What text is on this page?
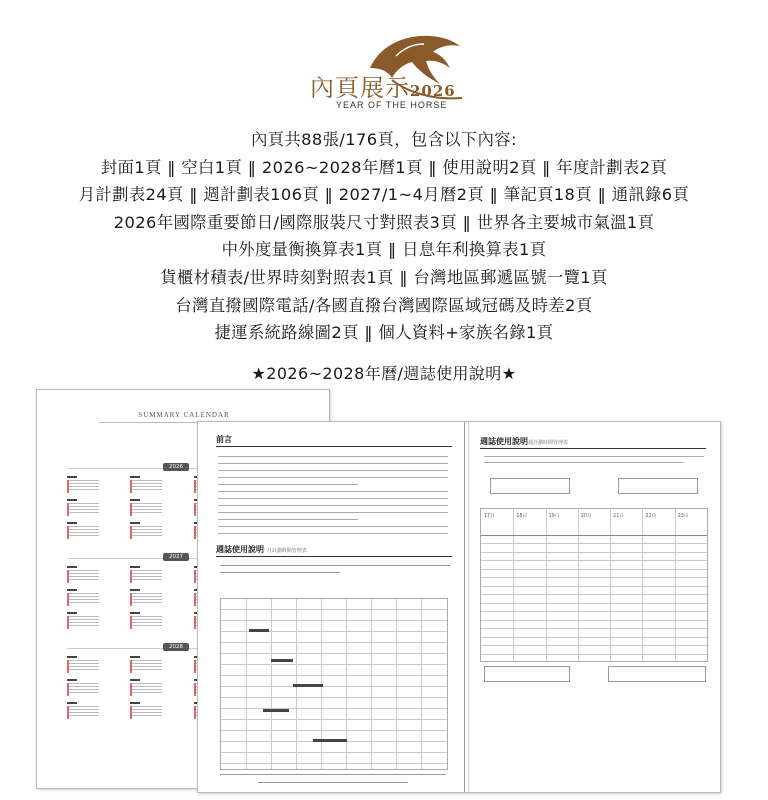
內頁展示2026
YEAR OF THE HORSE
內頁共88張/176頁，包含以下內容:
封面1頁 ‖ 空白1頁 ‖ 2026~2028年曆1頁 ‖ 使用說明2頁 ‖ 年度計劃表2頁
月計劃表24頁 ‖ 週計劃表106頁 ‖ 2027/1~4月曆2頁 ‖ 筆記頁18頁 ‖ 通訊錄6頁
2026年國際重要節日/國際服裝尺寸對照表3頁 ‖ 世界各主要城市氣溫1頁
中外度量衡換算表1頁 ‖ 日息年利換算表1頁
貨櫃材積表/世界時刻對照表1頁 ‖ 台灣地區郵遞區號一覽1頁
台灣直撥國際電話/各國直撥台灣國際區域冠碼及時差2頁
捷運系統路線圖2頁 ‖ 個人資料+家族名錄1頁
★2026~2028年曆/週誌使用說明★
SUMMARY CALENDAR
2026
2027
2028
前言
週誌使用說明 月計劃時間管理表
週誌使用說明週計劃時間管理表
17日	18日	19日	20日	21日	22日	23日
